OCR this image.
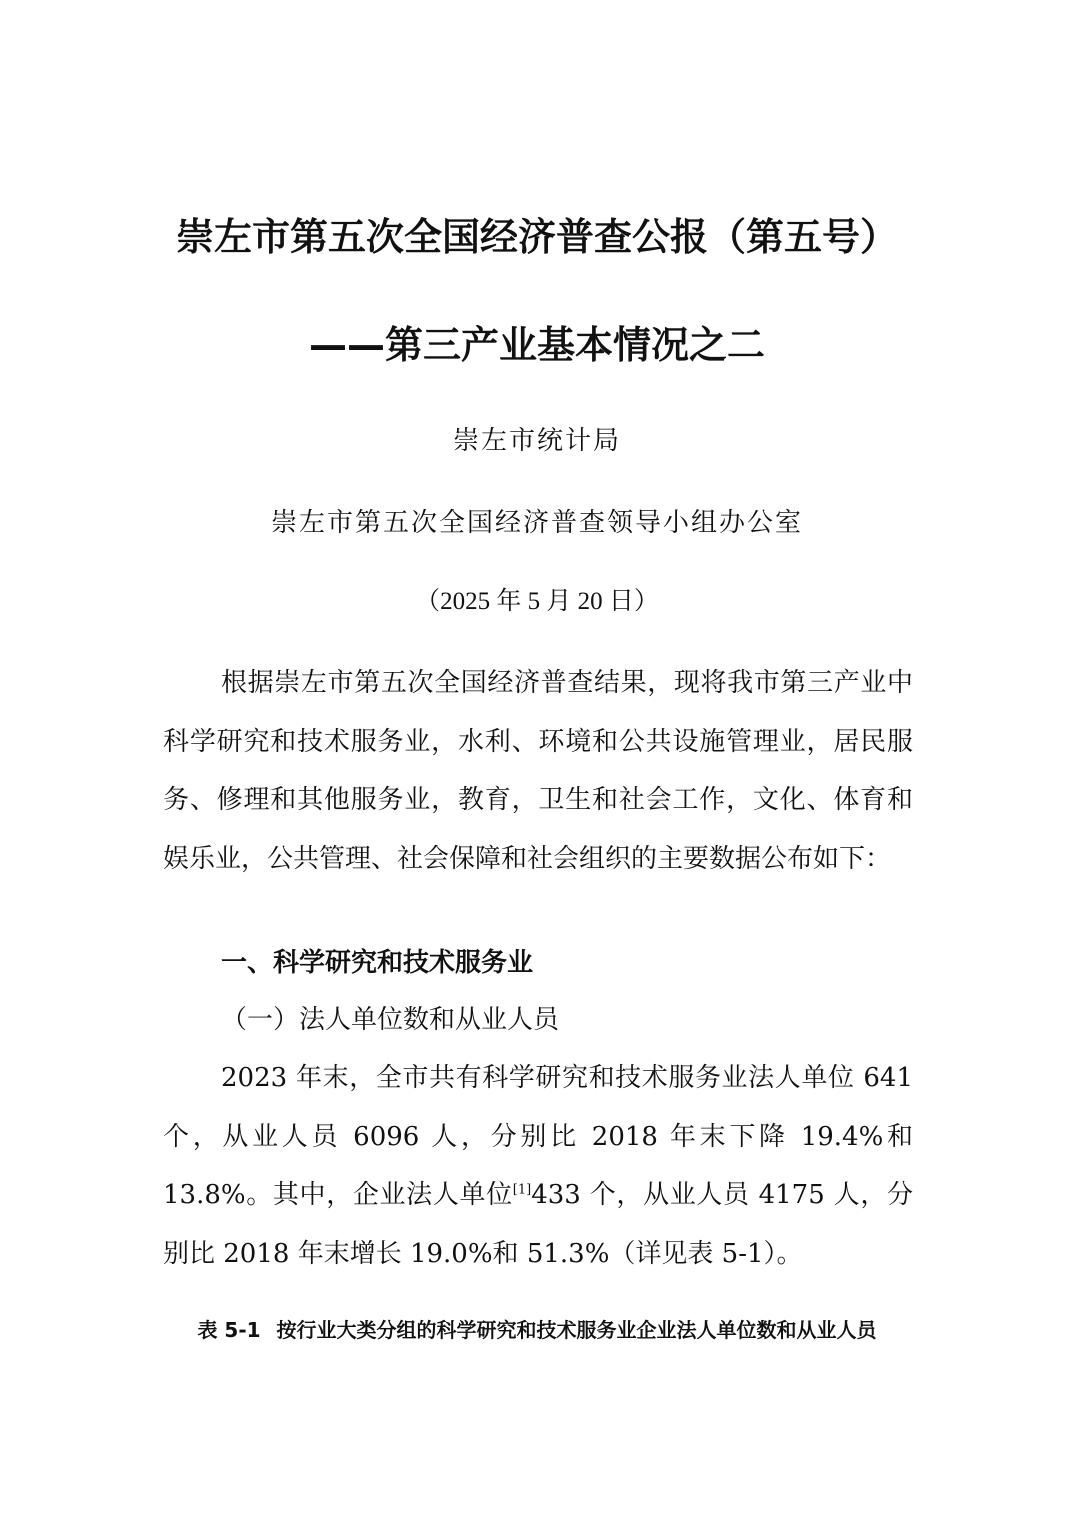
崇左市第五次全国经济普查公报（第五号）
——第三产业基本情况之二
崇左市统计局
崇左市第五次全国经济普查领导小组办公室
（2025 年 5 月 20 日）
根据崇左市第五次全国经济普查结果，现将我市第三产业中科学研究和技术服务业，水利、环境和公共设施管理业，居民服务、修理和其他服务业，教育，卫生和社会工作，文化、体育和娱乐业，公共管理、社会保障和社会组织的主要数据公布如下：
一、科学研究和技术服务业
（一）法人单位数和从业人员
2023 年末，全市共有科学研究和技术服务业法人单位 641 个，从业人员 6096 人，分别比 2018 年末下降 19.4%和 13.8%。其中，企业法人单位[1]433 个，从业人员 4175 人，分别比 2018 年末增长 19.0%和 51.3%（详见表 5-1）。
表 5-1 按行业大类分组的科学研究和技术服务业企业法人单位数和从业人员
